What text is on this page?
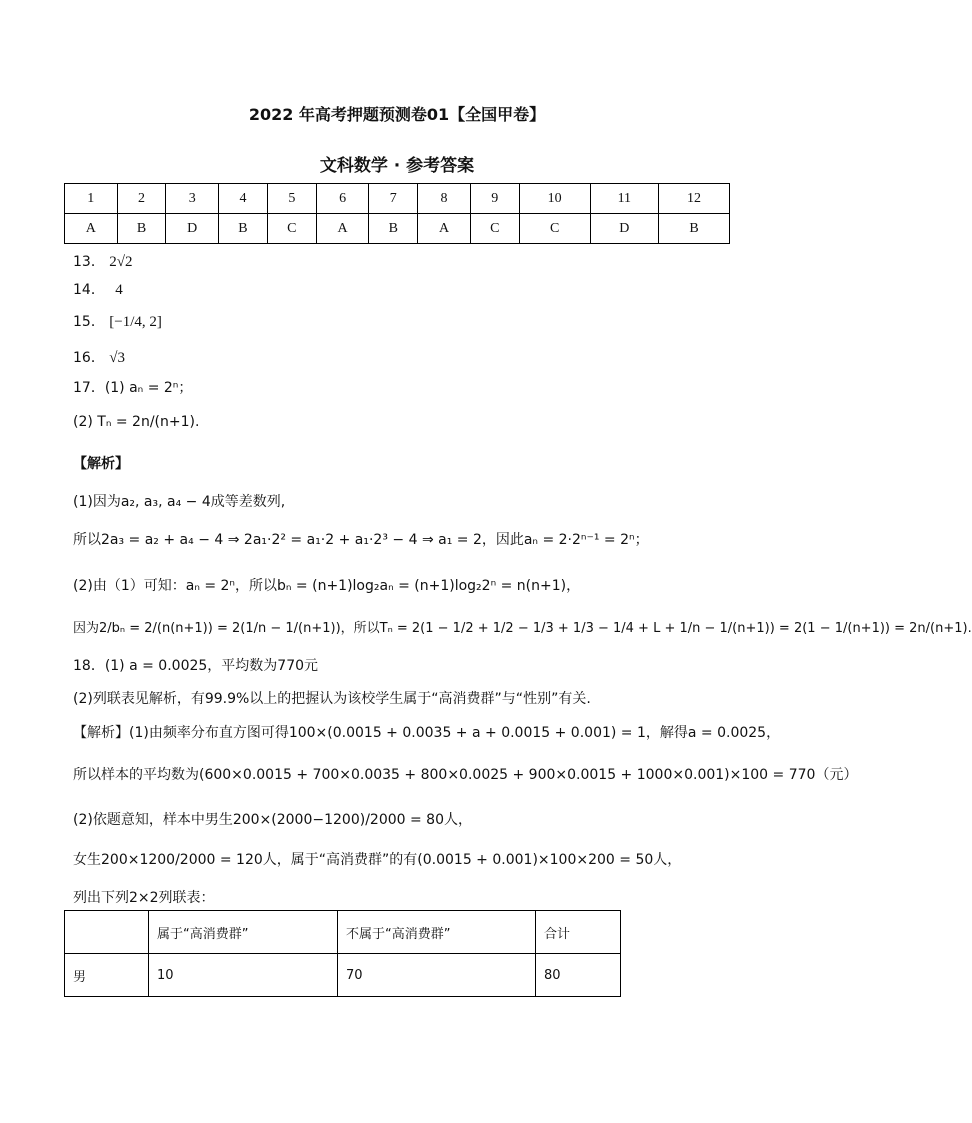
2022 年高考押题预测卷01【全国甲卷】
文科数学 · 参考答案
1	2	3	4	5	6	7	8	9	10	11	12
A	B	D	B	C	A	B	A	C	C	D	B
13． 2√2
14． 4
15． [−1/4, 2]
16． √3
17．(1) aₙ = 2ⁿ；
(2) Tₙ = 2n/(n+1).
【解析】
(1)因为a₂, a₃, a₄ − 4成等差数列,
所以2a₃ = a₂ + a₄ − 4 ⇒ 2a₁·2² = a₁·2 + a₁·2³ − 4 ⇒ a₁ = 2，因此aₙ = 2·2ⁿ⁻¹ = 2ⁿ；
(2)由（1）可知：aₙ = 2ⁿ，所以bₙ = (n+1)log₂aₙ = (n+1)log₂2ⁿ = n(n+1)，
因为2/bₙ = 2/(n(n+1)) = 2(1/n − 1/(n+1))，所以Tₙ = 2(1 − 1/2 + 1/2 − 1/3 + 1/3 − 1/4 + L + 1/n − 1/(n+1)) = 2(1 − 1/(n+1)) = 2n/(n+1).
18．(1) a = 0.0025，平均数为770元
(2)列联表见解析，有99.9%以上的把握认为该校学生属于“高消费群”与“性别”有关.
【解析】(1)由频率分布直方图可得100×(0.0015 + 0.0035 + a + 0.0015 + 0.001) = 1，解得a = 0.0025，
所以样本的平均数为(600×0.0015 + 700×0.0035 + 800×0.0025 + 900×0.0015 + 1000×0.001)×100 = 770（元）
(2)依题意知，样本中男生200×(2000−1200)/2000 = 80人，
女生200×1200/2000 = 120人，属于“高消费群”的有(0.0015 + 0.001)×100×200 = 50人，
列出下列2×2列联表：
	属于“高消费群”	不属于“高消费群”	合计
男	10	70	80
